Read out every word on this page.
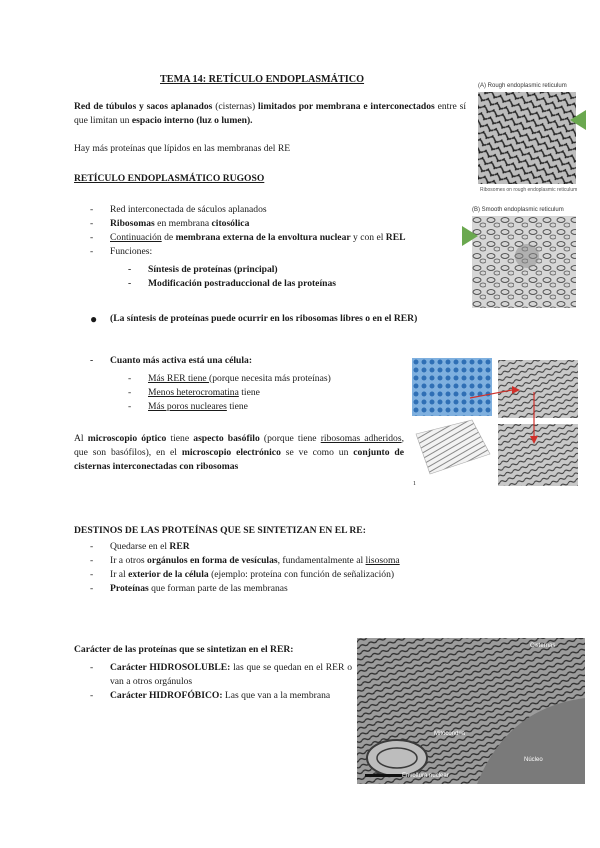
TEMA 14: RETÍCULO ENDOPLASMÁTICO
Red de túbulos y sacos aplanados (cisternas) limitados por membrana e interconectados entre sí que limitan un espacio interno (luz o lumen).
Hay más proteínas que lípidos en las membranas del RE
RETÍCULO ENDOPLASMÁTICO RUGOSO
- Red interconectada de sáculos aplanados
- Ribosomas en membrana citosólica
- Continuación de membrana externa de la envoltura nuclear y con el REL
- Funciones:
- Síntesis de proteínas (principal)
- Modificación postraduccional de las proteínas
● (La síntesis de proteínas puede ocurrir en los ribosomas libres o en el RER)
- Cuanto más activa está una célula:
- Más RER tiene (porque necesita más proteínas)
- Menos heterocromatina tiene
- Más poros nucleares tiene
Al microscopio óptico tiene aspecto basófilo (porque tiene ribosomas adheridos, que son basófilos), en el microscopio electrónico se ve como un conjunto de cisternas interconectadas con ribosomas
DESTINOS DE LAS PROTEÍNAS QUE SE SINTETIZAN EN EL RE:
- Quedarse en el RER
- Ir a otros orgánulos en forma de vesículas, fundamentalmente al lisosoma
- Ir al exterior de la célula (ejemplo: proteína con función de señalización)
- Proteínas que forman parte de las membranas
Carácter de las proteínas que se sintetizan en el RER:
- Carácter HIDROSOLUBLE: las que se quedan en el RER o van a otros orgánulos
- Carácter HIDROFÓBICO: Las que van a la membrana
(A) Rough endoplasmic reticulum
Ribosomes on rough endoplasmic reticulum
(B) Smooth endoplasmic reticulum
1
Cisternas
Mitocondria
Núcleo
Envoltura nuclear
